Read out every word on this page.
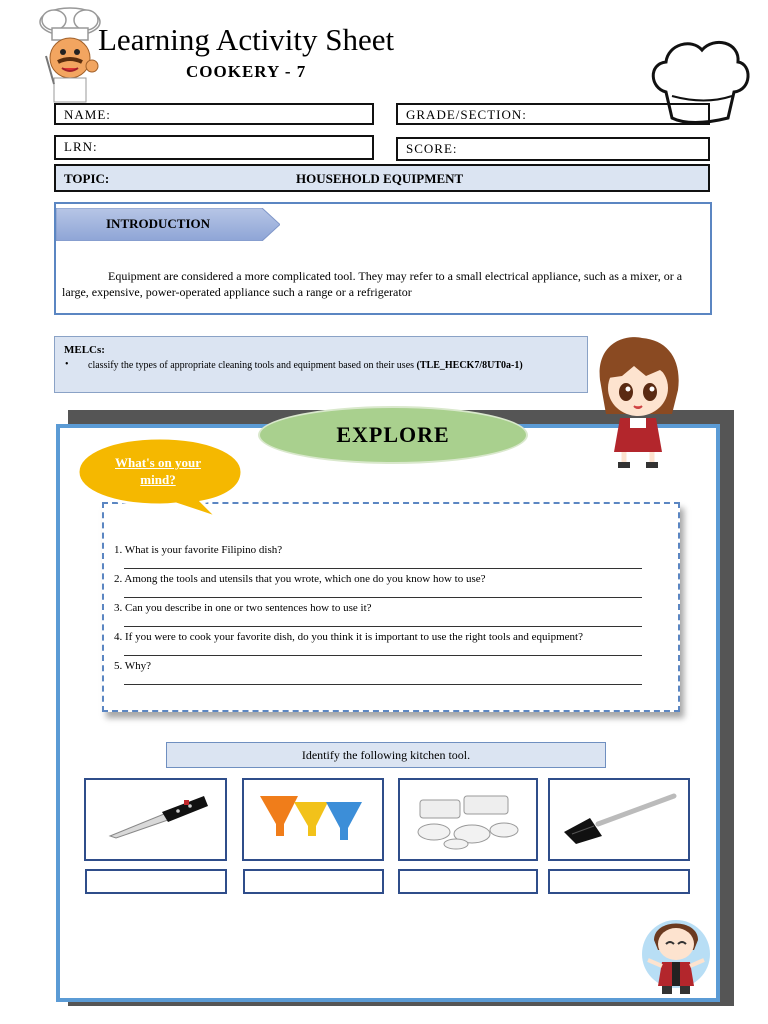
Learning Activity Sheet
COOKERY - 7
NAME:	GRADE/SECTION:
LRN:	SCORE:
TOPIC:	HOUSEHOLD EQUIPMENT
INTRODUCTION
Equipment are considered a more complicated tool. They may refer to a small electrical appliance, such as a mixer, or a large, expensive, power-operated appliance such a range or a refrigerator
MELCs:
• classify the types of appropriate cleaning tools and equipment based on their uses (TLE_HECK7/8UT0a-1)
EXPLORE
What's on your mind?
1. What is your favorite Filipino dish?
2. Among the tools and utensils that you wrote, which one do you know how to use?
3. Can you describe in one or two sentences how to use it?
4. If you were to cook your favorite dish, do you think it is important to use the right tools and equipment?
5. Why?
Identify the following kitchen tool.
